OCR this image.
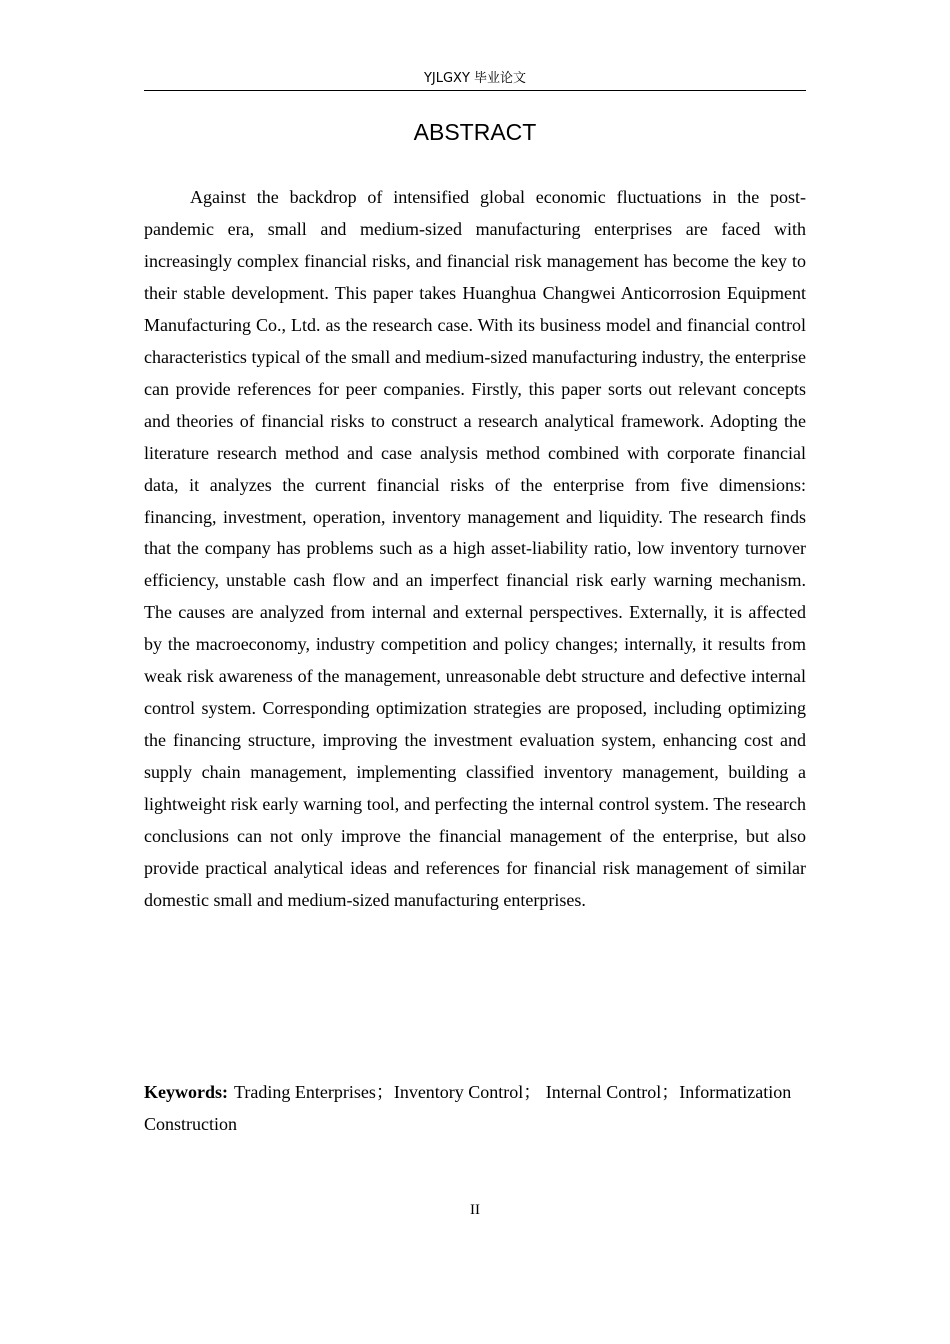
YJLGXY 毕业论文
ABSTRACT

Against the backdrop of intensified global economic fluctuations in the post-pandemic era, small and medium-sized manufacturing enterprises are faced with increasingly complex financial risks, and financial risk management has become the key to their stable development. This paper takes Huanghua Changwei Anticorrosion Equipment Manufacturing Co., Ltd. as the research case. With its business model and financial control characteristics typical of the small and medium-sized manufacturing industry, the enterprise can provide references for peer companies. Firstly, this paper sorts out relevant concepts and theories of financial risks to construct a research analytical framework. Adopting the literature research method and case analysis method combined with corporate financial data, it analyzes the current financial risks of the enterprise from five dimensions: financing, investment, operation, inventory management and liquidity. The research finds that the company has problems such as a high asset-liability ratio, low inventory turnover efficiency, unstable cash flow and an imperfect financial risk early warning mechanism. The causes are analyzed from internal and external perspectives. Externally, it is affected by the macroeconomy, industry competition and policy changes; internally, it results from weak risk awareness of the management, unreasonable debt structure and defective internal control system. Corresponding optimization strategies are proposed, including optimizing the financing structure, improving the investment evaluation system, enhancing cost and supply chain management, implementing classified inventory management, building a lightweight risk early warning tool, and perfecting the internal control system. The research conclusions can not only improve the financial management of the enterprise, but also provide practical analytical ideas and references for financial risk management of similar domestic small and medium-sized manufacturing enterprises.

Keywords: Trading Enterprises；Inventory Control； Internal Control；Informatization Construction

II
